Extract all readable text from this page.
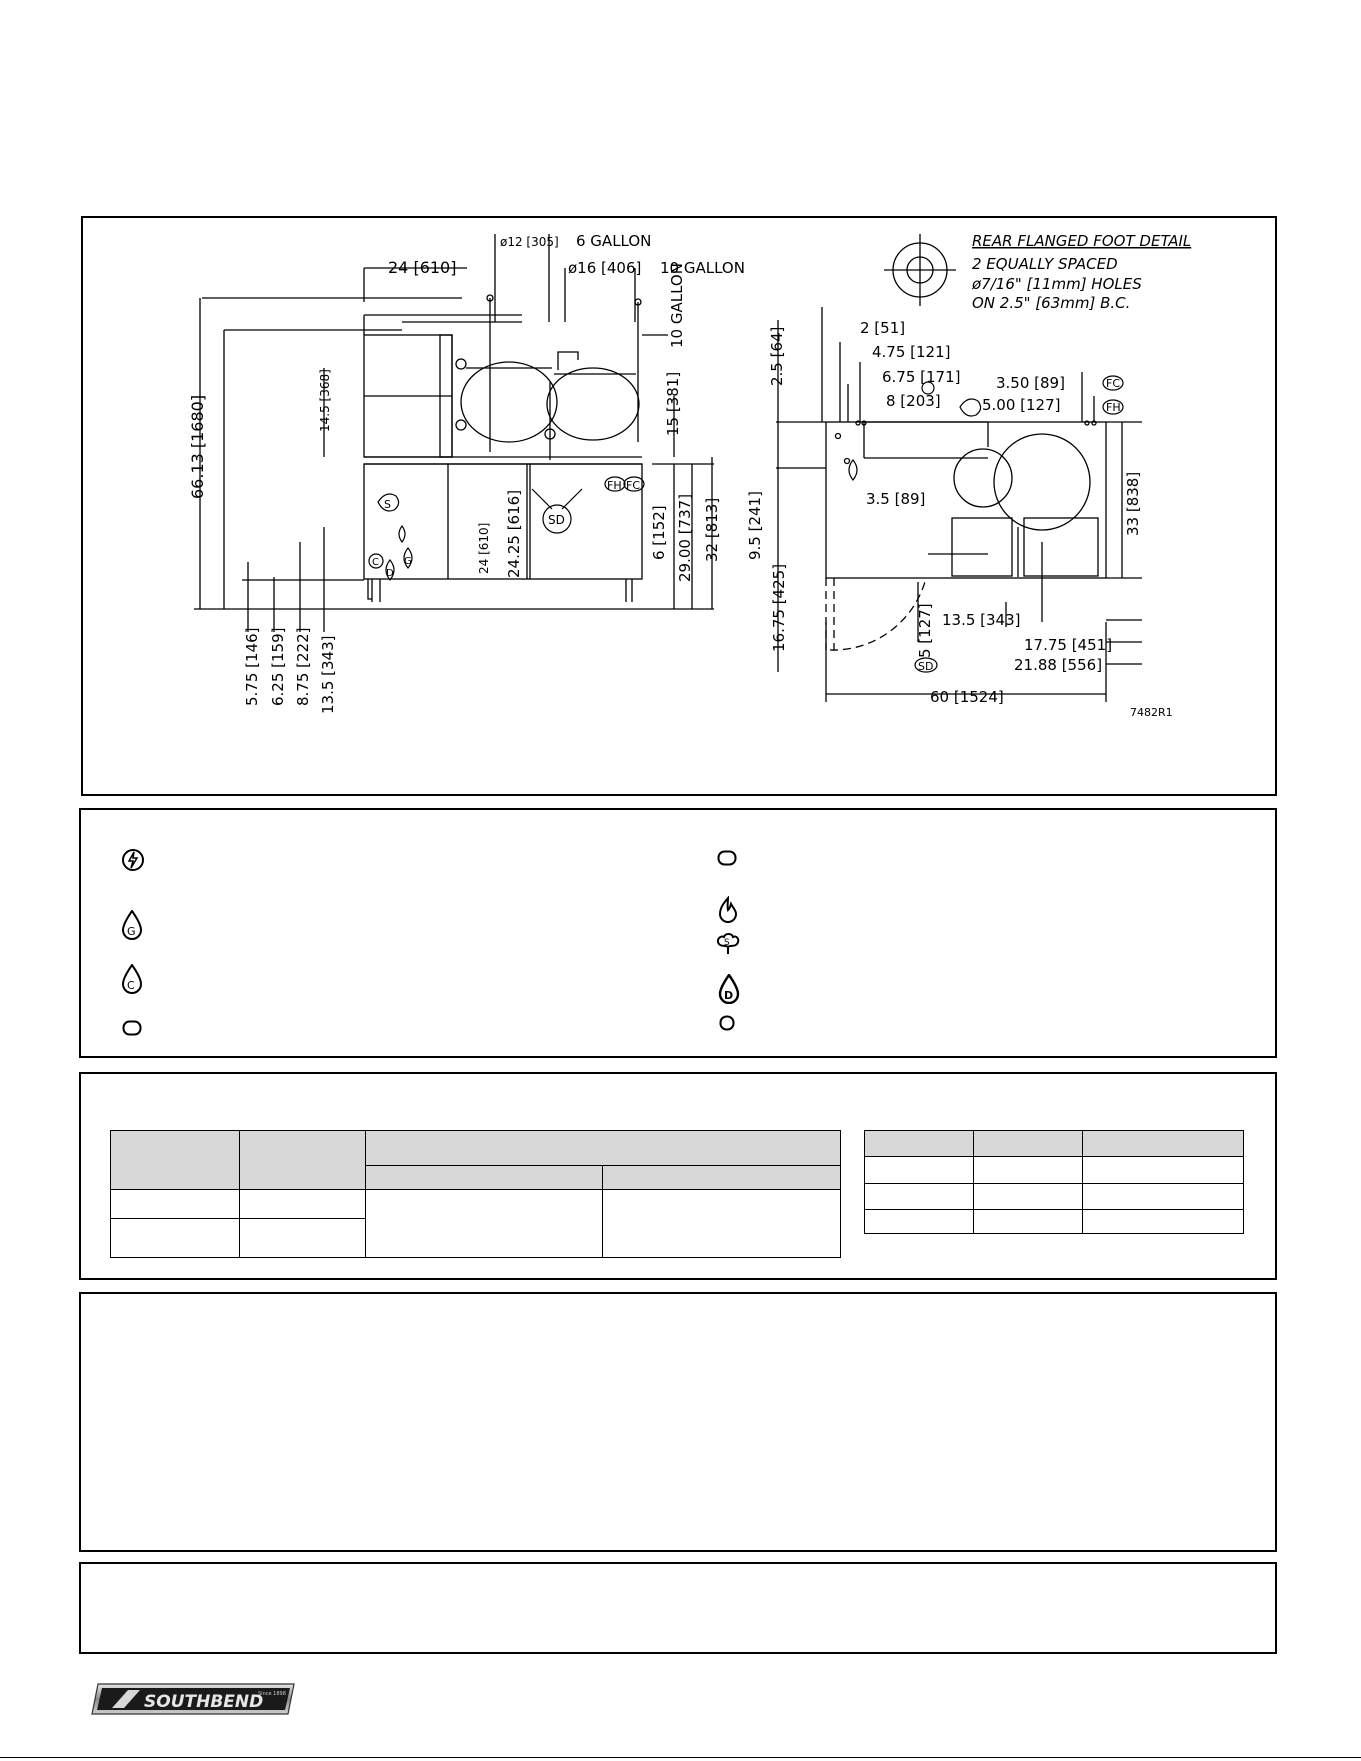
ø12 [305] 6 GALLON
ø16 [406] 10 GALLON
24 [610]	10 GALLON
66.13 [1680]	14.5 [368]	15 [381]
24 [610] 24.25 [616]	6 [152] 29.00 [737] 32 [813]
5.75 [146] 6.25 [159] 8.75 [222] 13.5 [343]
FH FC
SD
S
C	G
D
REAR FLANGED FOOT DETAIL
2 EQUALLY SPACED
ø7/16" [11mm] HOLES
ON 2.5" [63mm] B.C.
2 [51]
4.75 [121]
6.75 [171]
8 [203]
2.5 [64]	3.50 [89]
5.00 [127]
FC
FH
9.5 [241]	3.5 [89]	33 [838]
16.75 [425]	5 [127]
SD
13.5 [343]
17.75 [451]
21.88 [556]
60 [1524]
7482R1
G
C
S
D

SOUTHBEND
Since 1898
